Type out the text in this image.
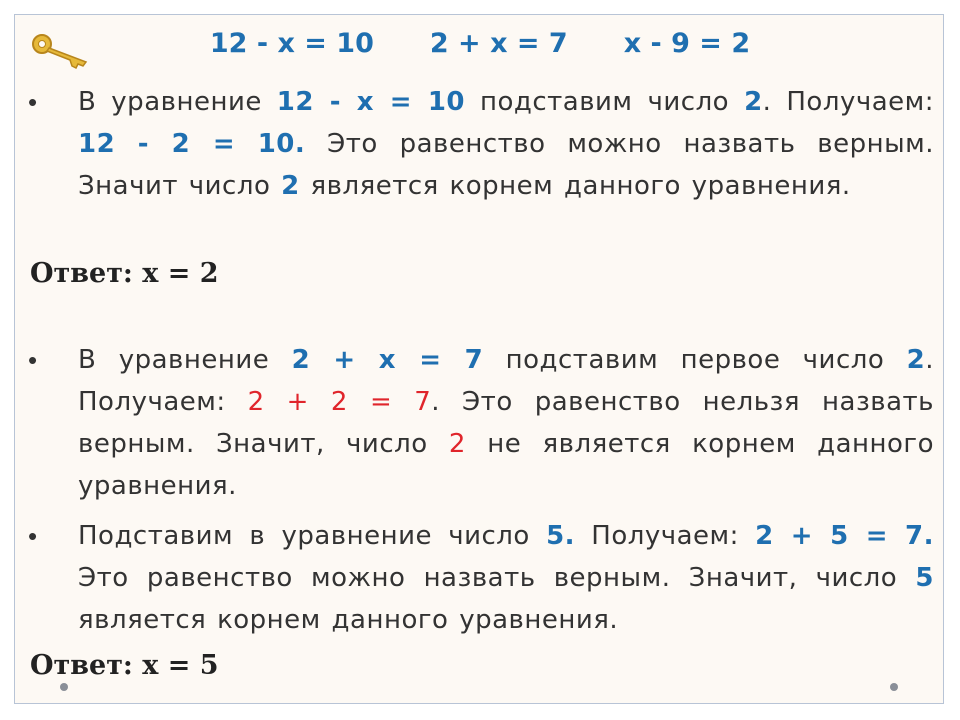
12 - x = 10 2 + x = 7 x - 9 = 2
• В уравнение 12 - x = 10 подставим число 2. Получаем: 12 - 2 = 10. Это равенство можно назвать верным. Значит число 2 является корнем данного уравнения.
Ответ: x = 2
• В уравнение 2 + x = 7 подставим первое число 2. Получаем: 2 + 2 = 7. Это равенство нельзя назвать верным. Значит, число 2 не является корнем данного уравнения.
• Подставим в уравнение число 5. Получаем: 2 + 5 = 7. Это равенство можно назвать верным. Значит, число 5 является корнем данного уравнения.
Ответ: x = 5
